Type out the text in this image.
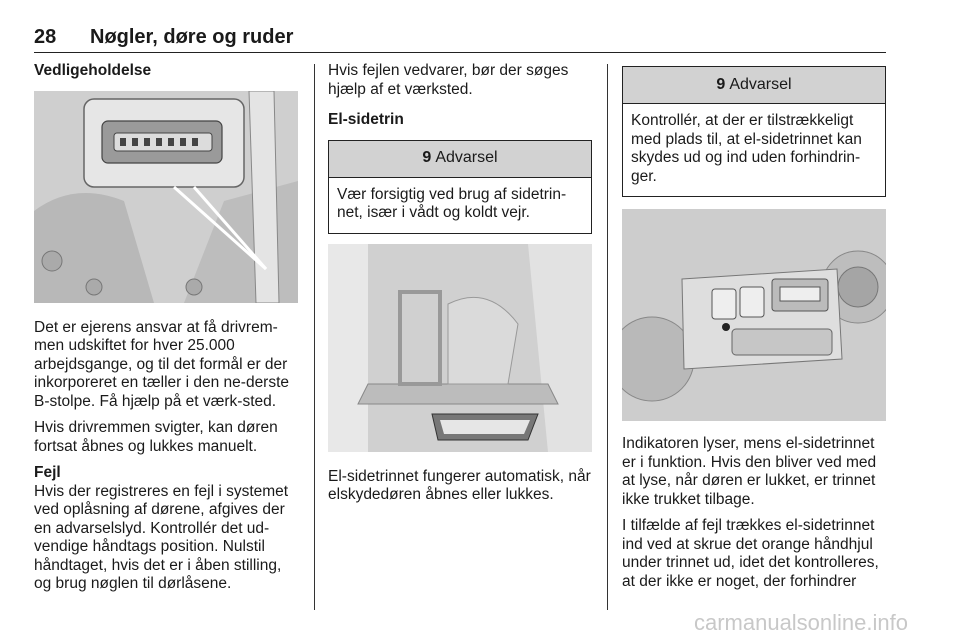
28 Nøgler, døre og ruder
Vedligeholdelse

Det er ejerens ansvar at få drivrem-men udskiftet for hver 25.000 arbejdsgange, og til det formål er der inkorporeret en tæller i den ne-derste B-stolpe. Få hjælp på et værk-sted.

Hvis drivremmen svigter, kan døren fortsat åbnes og lukkes manuelt.

Fejl

Hvis der registreres en fejl i systemet ved oplåsning af dørene, afgives der en advarselslyd. Kontrollér det ud-vendige håndtags position. Nulstil håndtaget, hvis det er i åben stilling, og brug nøglen til dørlåsene.

Hvis fejlen vedvarer, bør der søges hjælp af et værksted.

El-sidetrin
9 Advarsel
Vær forsigtig ved brug af sidetrin-net, især i vådt og koldt vejr.

El-sidetrinnet fungerer automatisk, når elskydedøren åbnes eller lukkes.

9 Advarsel
Kontrollér, at der er tilstrækkeligt med plads til, at el-sidetrinnet kan skydes ud og ind uden forhindrin-ger.

Indikatoren lyser, mens el-sidetrinnet er i funktion. Hvis den bliver ved med at lyse, når døren er lukket, er trinnet ikke trukket tilbage.

I tilfælde af fejl trækkes el-sidetrinnet ind ved at skrue det orange håndhjul under trinnet ud, idet det kontrolleres, at der ikke er noget, der forhindrer

carmanualsonline.info
